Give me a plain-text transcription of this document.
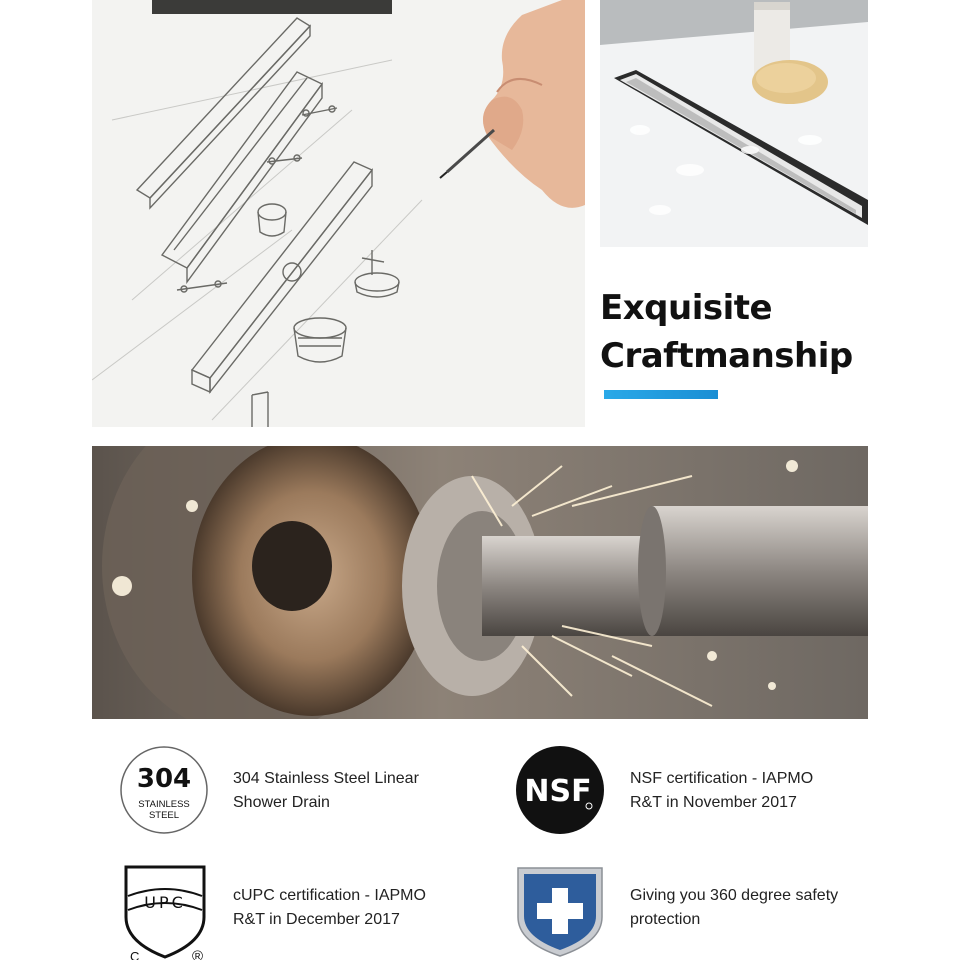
Exquisite
Craftmanship
304
STAINLESS
STEEL
304 Stainless Steel Linear
Shower Drain	NSF NSF certification - IAPMO
R&T in November 2017
UPC
C	®
cUPC certification - IAPMO
R&T in December 2017
Giving you 360 degree safety
protection
